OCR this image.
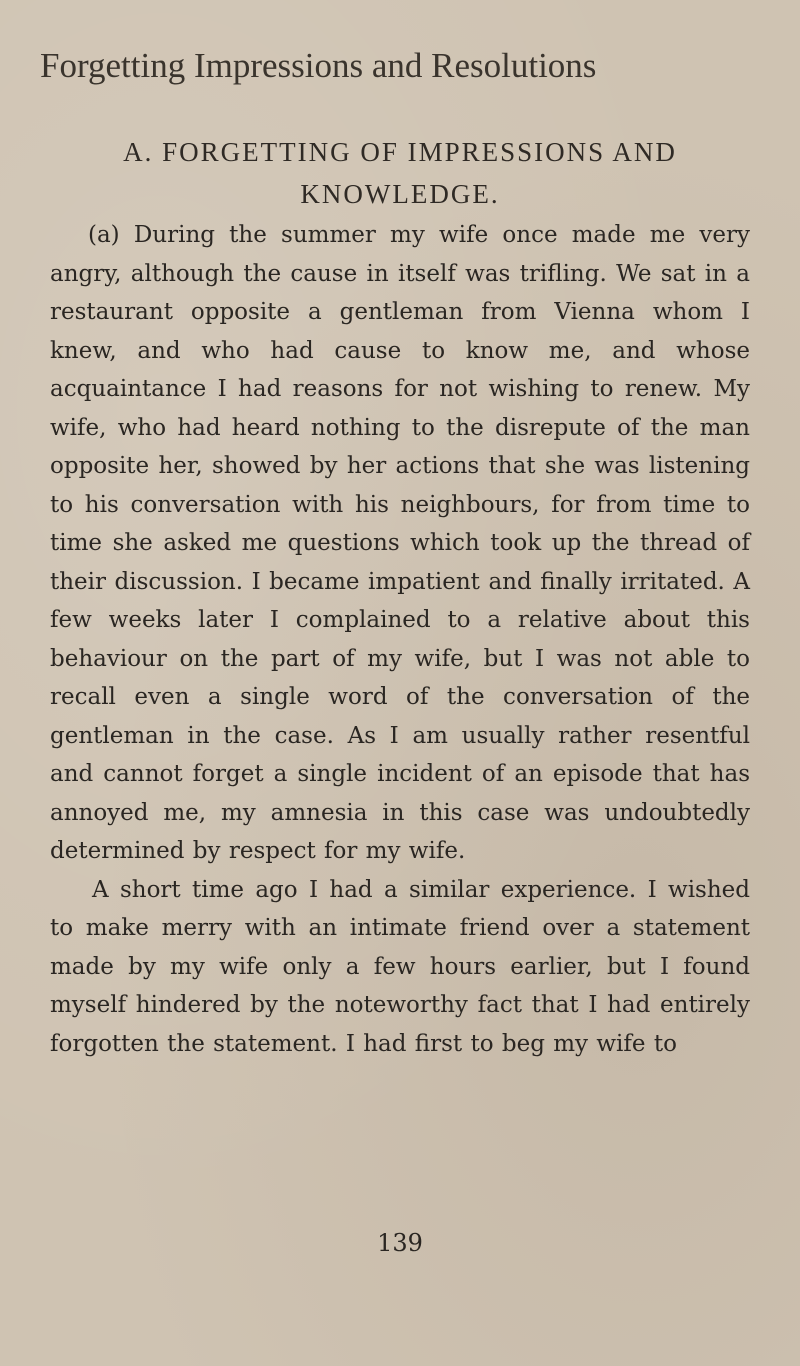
Forgetting Impressions and Resolutions
A. FORGETTING OF IMPRESSIONS AND KNOWLEDGE.

(a) During the summer my wife once made me very angry, although the cause in itself was trifling. We sat in a restaurant opposite a gentleman from Vienna whom I knew, and who had cause to know me, and whose acquaintance I had reasons for not wishing to renew. My wife, who had heard nothing to the disrepute of the man opposite her, showed by her actions that she was listening to his conversation with his neighbours, for from time to time she asked me questions which took up the thread of their discussion. I became impatient and finally irritated. A few weeks later I complained to a relative about this behaviour on the part of my wife, but I was not able to recall even a single word of the conversation of the gentleman in the case. As I am usually rather resentful and cannot forget a single incident of an episode that has annoyed me, my amnesia in this case was undoubtedly determined by respect for my wife.

A short time ago I had a similar experience. I wished to make merry with an intimate friend over a statement made by my wife only a few hours earlier, but I found myself hindered by the noteworthy fact that I had entirely forgotten the statement. I had first to beg my wife to

139
